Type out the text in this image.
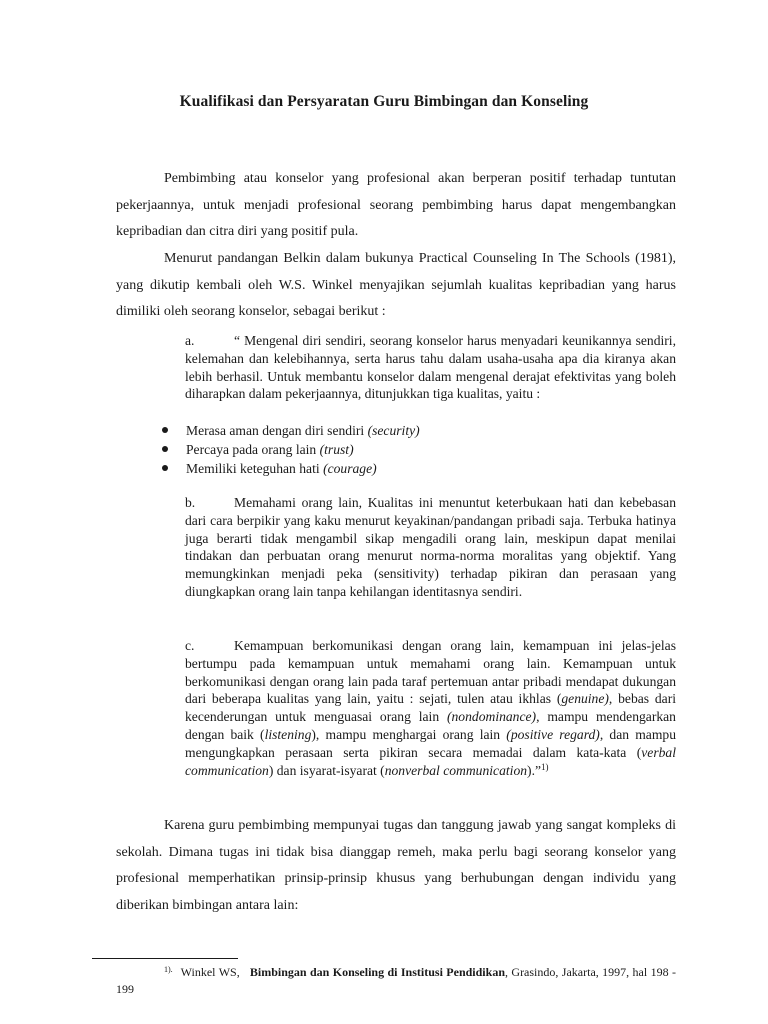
Kualifikasi dan Persyaratan Guru Bimbingan dan Konseling

Pembimbing atau konselor yang profesional akan berperan positif terhadap tuntutan pekerjaannya, untuk menjadi profesional seorang pembimbing harus dapat mengembangkan kepribadian dan citra diri yang positif pula.

Menurut pandangan Belkin dalam bukunya Practical Counseling In The Schools (1981), yang dikutip kembali oleh W.S. Winkel menyajikan sejumlah kualitas kepribadian yang harus dimiliki oleh seorang konselor, sebagai berikut :

a.	“ Mengenal diri sendiri, seorang konselor harus menyadari keunikannya sendiri, kelemahan dan kelebihannya, serta harus tahu dalam usaha-usaha apa dia kiranya akan lebih berhasil. Untuk membantu konselor dalam mengenal derajat efektivitas yang boleh diharapkan dalam pekerjaannya, ditunjukkan tiga kualitas, yaitu :

Merasa aman dengan diri sendiri (security)
Percaya pada orang lain (trust)
Memiliki keteguhan hati (courage)

b.	Memahami orang lain, Kualitas ini menuntut keterbukaan hati dan kebebasan dari cara berpikir yang kaku menurut keyakinan/pandangan pribadi saja. Terbuka hatinya juga berarti tidak mengambil sikap mengadili orang lain, meskipun dapat menilai tindakan dan perbuatan orang menurut norma-norma moralitas yang objektif. Yang memungkinkan menjadi peka (sensitivity) terhadap pikiran dan perasaan yang diungkapkan orang lain tanpa kehilangan identitasnya sendiri.

c.	Kemampuan berkomunikasi dengan orang lain, kemampuan ini jelas-jelas bertumpu pada kemampuan untuk memahami orang lain. Kemampuan untuk berkomunikasi dengan orang lain pada taraf pertemuan antar pribadi mendapat dukungan dari beberapa kualitas yang lain, yaitu : sejati, tulen atau ikhlas (genuine), bebas dari kecenderungan untuk menguasai orang lain (nondominance), mampu mendengarkan dengan baik (listening), mampu menghargai orang lain (positive regard), dan mampu mengungkapkan perasaan serta pikiran secara memadai dalam kata-kata (verbal communication) dan isyarat-isyarat (nonverbal communication).”$^{1)}$

Karena guru pembimbing mempunyai tugas dan tanggung jawab yang sangat kompleks di sekolah. Dimana tugas ini tidak bisa dianggap remeh, maka perlu bagi seorang konselor yang profesional memperhatikan prinsip-prinsip khusus yang berhubungan dengan individu yang diberikan bimbingan antara lain:

$^{1).}$ Winkel WS, Bimbingan dan Konseling di Institusi Pendidikan, Grasindo, Jakarta, 1997, hal 198 - 199
